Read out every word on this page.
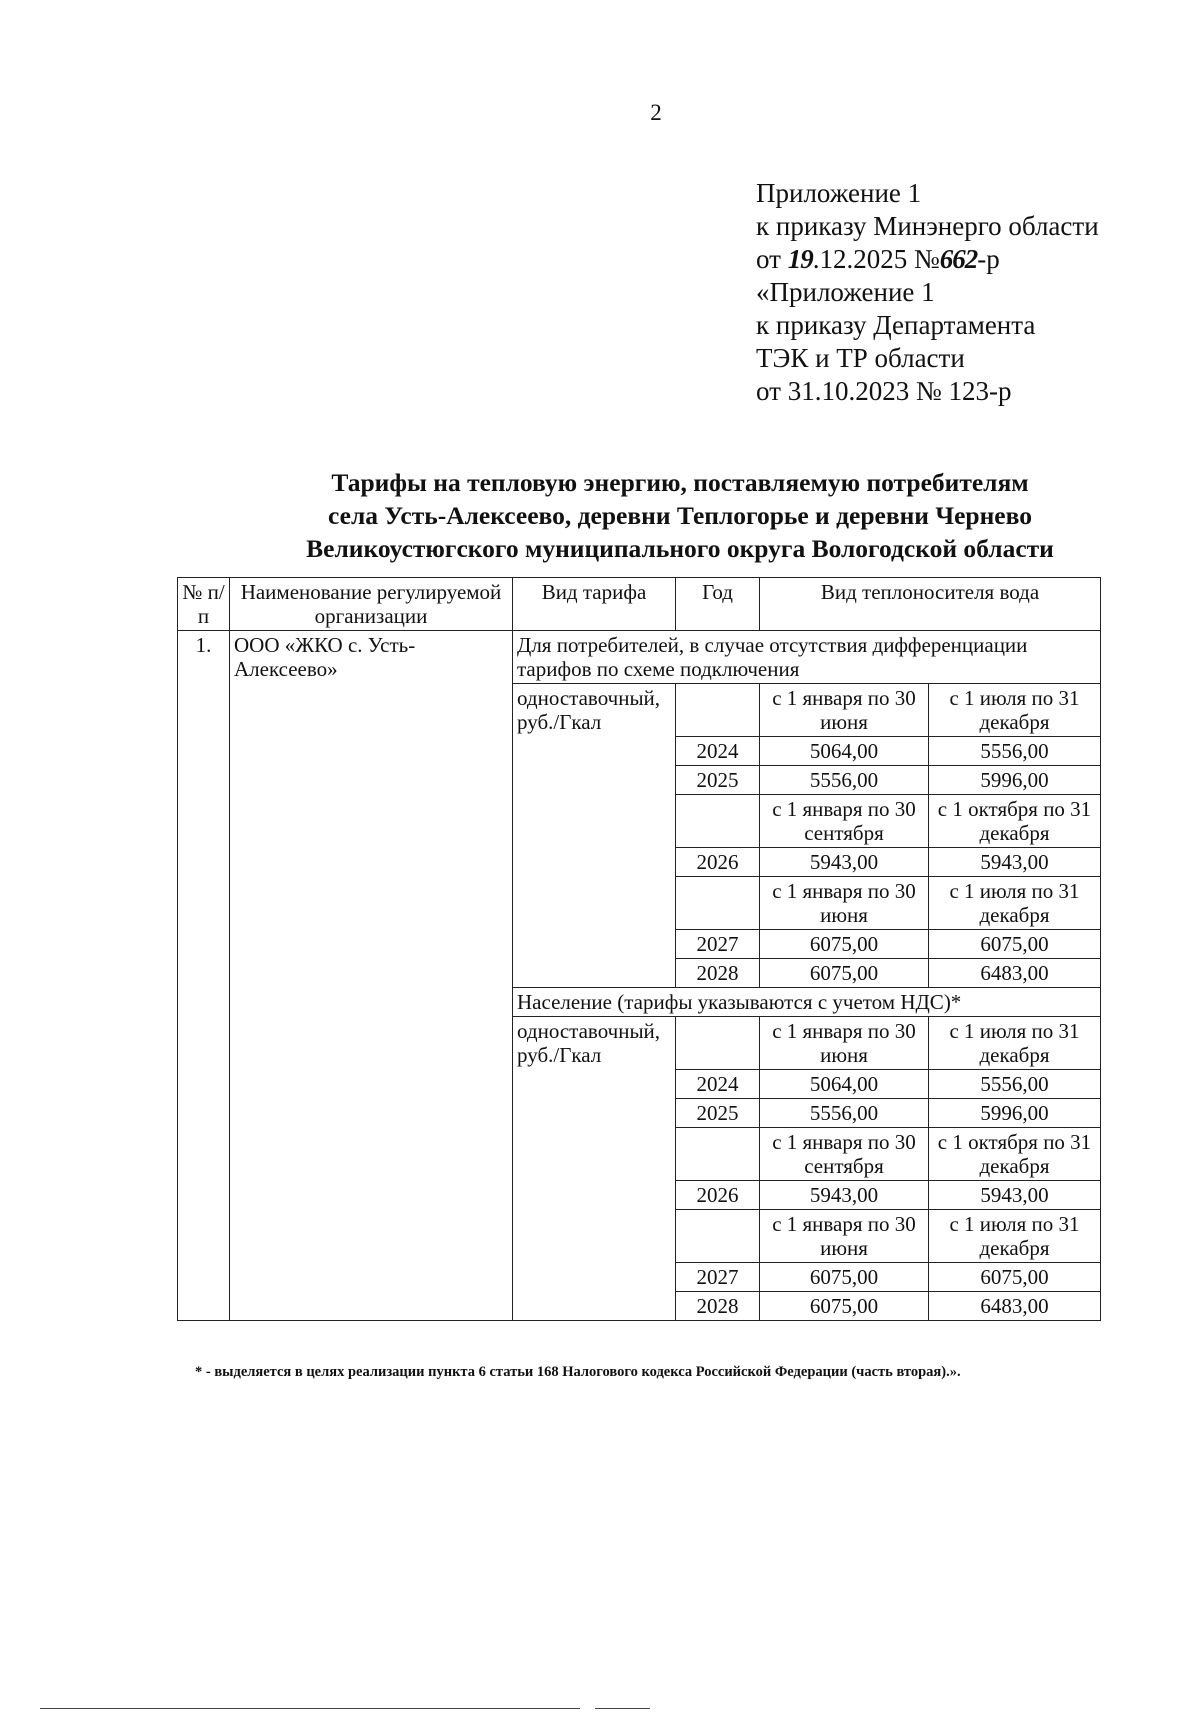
2
Приложение 1
к приказу Минэнерго области
от 19.12.2025 №662-р
«Приложение 1
к приказу Департамента
ТЭК и ТР области
от 31.10.2023 № 123-р
Тарифы на тепловую энергию, поставляемую потребителям
села Усть-Алексеево, деревни Теплогорье и деревни Чернево
Великоустюгского муниципального округа Вологодской области
№ п/п	Наименование регулируемой организации	Вид тарифа	Год	Вид теплоносителя вода	
1.	ООО «ЖКО с. Усть-Алексеево»	Для потребителей, в случае отсутствия дифференциации тарифов по схеме подключения			
		одноставочный, руб./Гкал		с 1 января по 30 июня	с 1 июля по 31 декабря
			2024	5064,00	5556,00
			2025	5556,00	5996,00
				с 1 января по 30 сентября	с 1 октября по 31 декабря
			2026	5943,00	5943,00
				с 1 января по 30 июня	с 1 июля по 31 декабря
			2027	6075,00	6075,00
			2028	6075,00	6483,00
		Население (тарифы указываются с учетом НДС)*			
		одноставочный, руб./Гкал		с 1 января по 30 июня	с 1 июля по 31 декабря
			2024	5064,00	5556,00
			2025	5556,00	5996,00
				с 1 января по 30 сентября	с 1 октября по 31 декабря
			2026	5943,00	5943,00
				с 1 января по 30 июня	с 1 июля по 31 декабря
			2027	6075,00	6075,00
			2028	6075,00	6483,00
* - выделяется в целях реализации пункта 6 статьи 168 Налогового кодекса Российской Федерации (часть вторая).».
